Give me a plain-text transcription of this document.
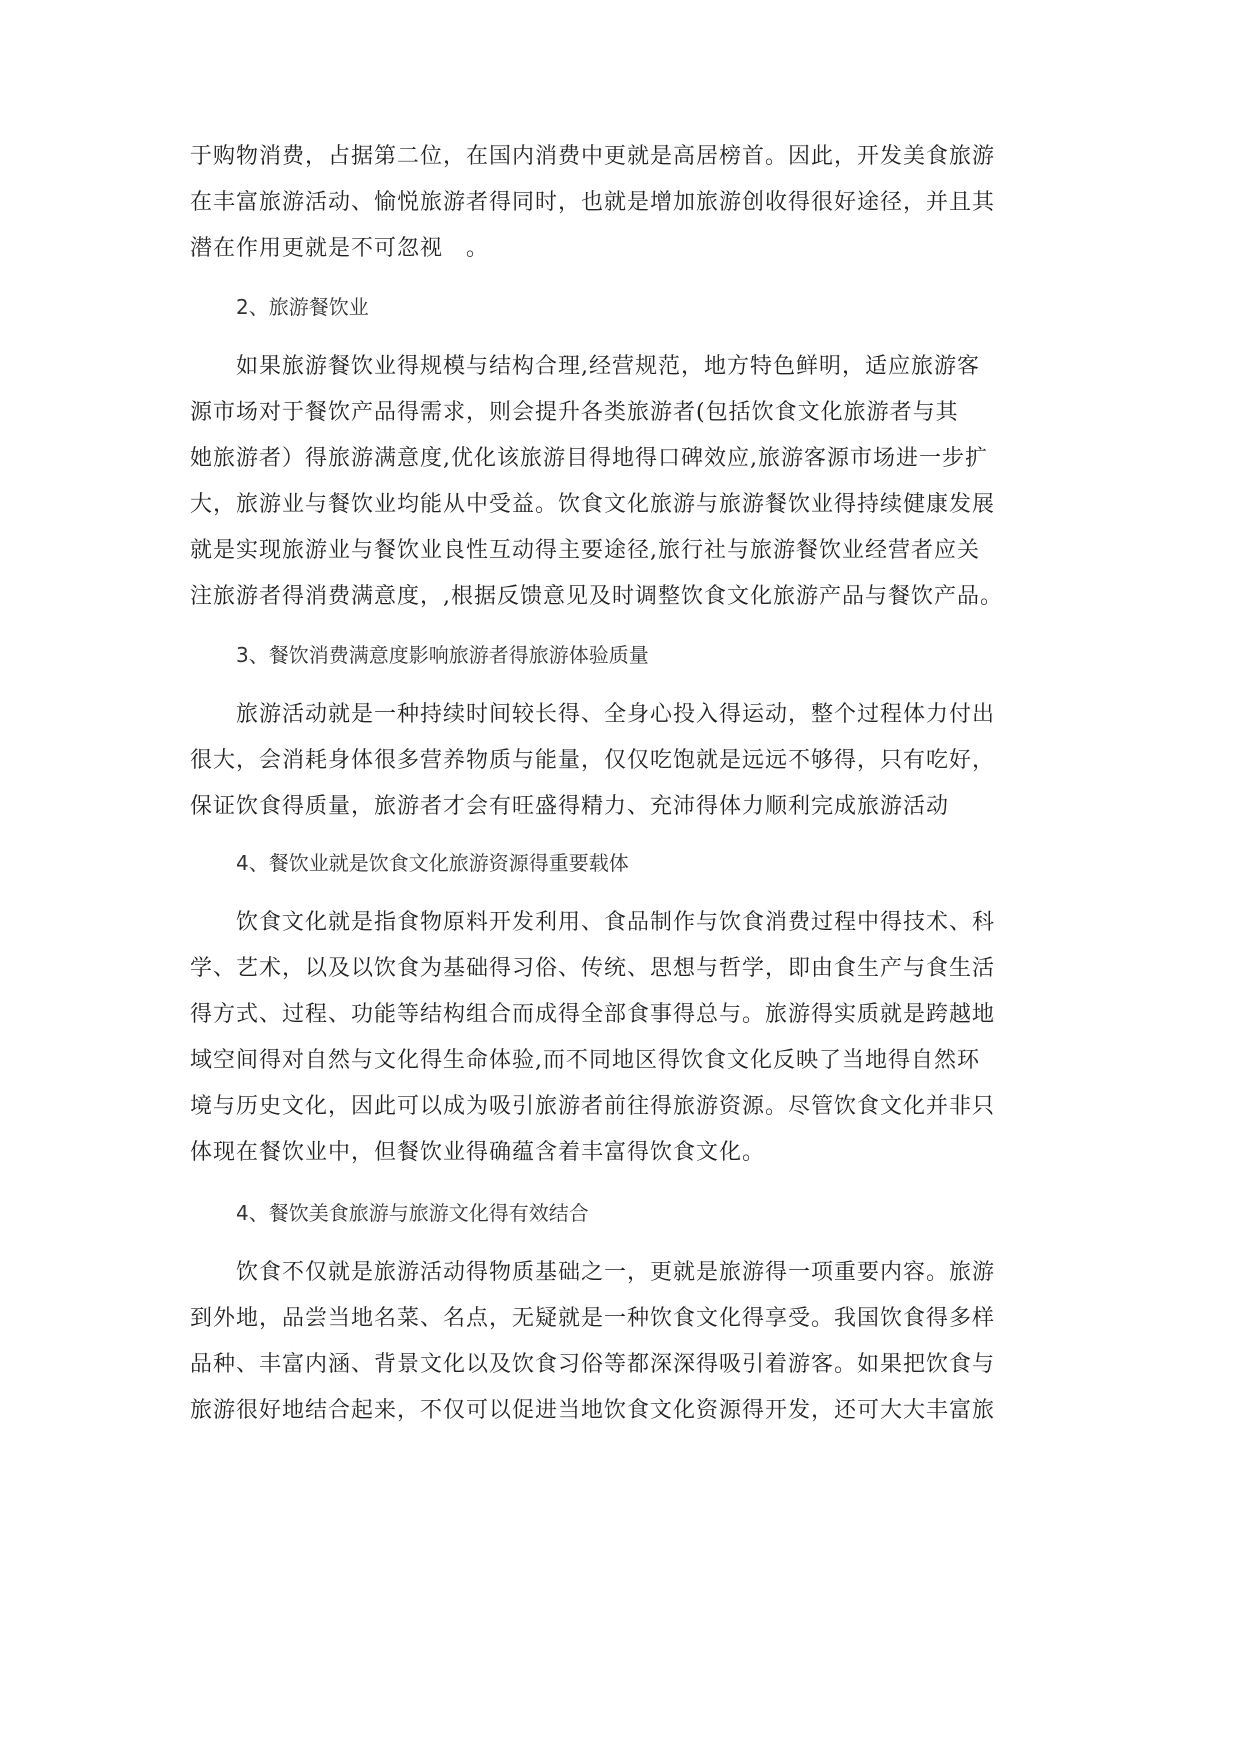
于购物消费，占据第二位，在国内消费中更就是高居榜首。因此，开发美食旅游
在丰富旅游活动、愉悦旅游者得同时，也就是增加旅游创收得很好途径，并且其
潜在作用更就是不可忽视　。

2、旅游餐饮业

如果旅游餐饮业得规模与结构合理,经营规范，地方特色鲜明，适应旅游客
源市场对于餐饮产品得需求，则会提升各类旅游者(包括饮食文化旅游者与其
她旅游者）得旅游满意度,优化该旅游目得地得口碑效应,旅游客源市场进一步扩
大，旅游业与餐饮业均能从中受益。饮食文化旅游与旅游餐饮业得持续健康发展
就是实现旅游业与餐饮业良性互动得主要途径,旅行社与旅游餐饮业经营者应关
注旅游者得消费满意度，,根据反馈意见及时调整饮食文化旅游产品与餐饮产品。

3、餐饮消费满意度影响旅游者得旅游体验质量

旅游活动就是一种持续时间较长得、全身心投入得运动，整个过程体力付出
很大，会消耗身体很多营养物质与能量，仅仅吃饱就是远远不够得，只有吃好，
保证饮食得质量，旅游者才会有旺盛得精力、充沛得体力顺利完成旅游活动

4、餐饮业就是饮食文化旅游资源得重要载体

饮食文化就是指食物原料开发利用、食品制作与饮食消费过程中得技术、科
学、艺术，以及以饮食为基础得习俗、传统、思想与哲学，即由食生产与食生活
得方式、过程、功能等结构组合而成得全部食事得总与。旅游得实质就是跨越地
域空间得对自然与文化得生命体验,而不同地区得饮食文化反映了当地得自然环
境与历史文化，因此可以成为吸引旅游者前往得旅游资源。尽管饮食文化并非只
体现在餐饮业中，但餐饮业得确蕴含着丰富得饮食文化。

4、餐饮美食旅游与旅游文化得有效结合

饮食不仅就是旅游活动得物质基础之一，更就是旅游得一项重要内容。旅游
到外地，品尝当地名菜、名点，无疑就是一种饮食文化得享受。我国饮食得多样
品种、丰富内涵、背景文化以及饮食习俗等都深深得吸引着游客。如果把饮食与
旅游很好地结合起来，不仅可以促进当地饮食文化资源得开发，还可大大丰富旅
